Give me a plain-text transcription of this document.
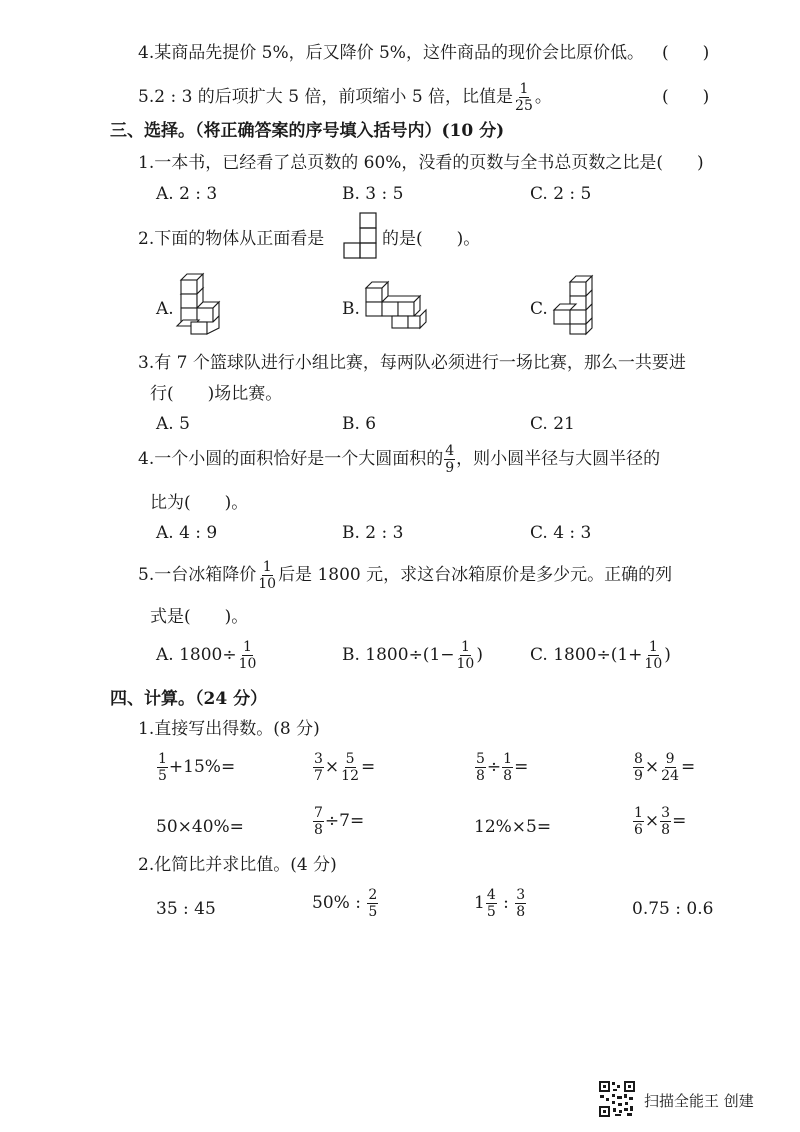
4.某商品先提价 5%，后又降价 5%，这件商品的现价会比原价低。 (　　)
5.2 : 3 的后项扩大 5 倍，前项缩小 5 倍，比值是 $\frac{1}{25}$ 。	(　　)
三、选择。（将正确答案的序号填入括号内）(10 分)
1.一本书，已经看了总页数的 60%，没看的页数与全书总页数之比是(　　)
A. 2 : 3	B. 3 : 5	C. 2 : 5
2.下面的物体从正面看是	的是(　　)。
A.	B.	C.
3.有 7 个篮球队进行小组比赛，每两队必须进行一场比赛，那么一共要进
行(　　)场比赛。
A. 5	B. 6	C. 21
4.一个小圆的面积恰好是一个大圆面积的 $\frac{4}{9}$ ，则小圆半径与大圆半径的
比为(　　)。
A. 4 : 9	B. 2 : 3	C. 4 : 3
5.一台冰箱降价 $\frac{1}{10}$ 后是 1800 元，求这台冰箱原价是多少元。正确的列
式是(　　)。
A. $1800\div \frac{1}{10}$	B. $1800\div(1- \frac{1}{10}$ )	C. $1800\div(1+ \frac{1}{10}$ )
四、计算。（24 分）
1.直接写出得数。(8 分)
$\frac{1}{5} +15\%=$	$\frac{3}{7} \times \frac{5}{12}$ =	$\frac{5}{8} \div \frac{1}{8}$ =	$\frac{8}{9} \times \frac{9}{24}$ =
50×40%=	$\frac{7}{8} \div 7=$	12%×5=	$\frac{1}{6} \times \frac{3}{8}$ =
2.化简比并求比值。(4 分)
35 : 45	50% : $\frac{2}{5}$	$1 \frac{4}{5}$ : $\frac{3}{8}$	0.75 : 0.6
扫描全能王 创建
